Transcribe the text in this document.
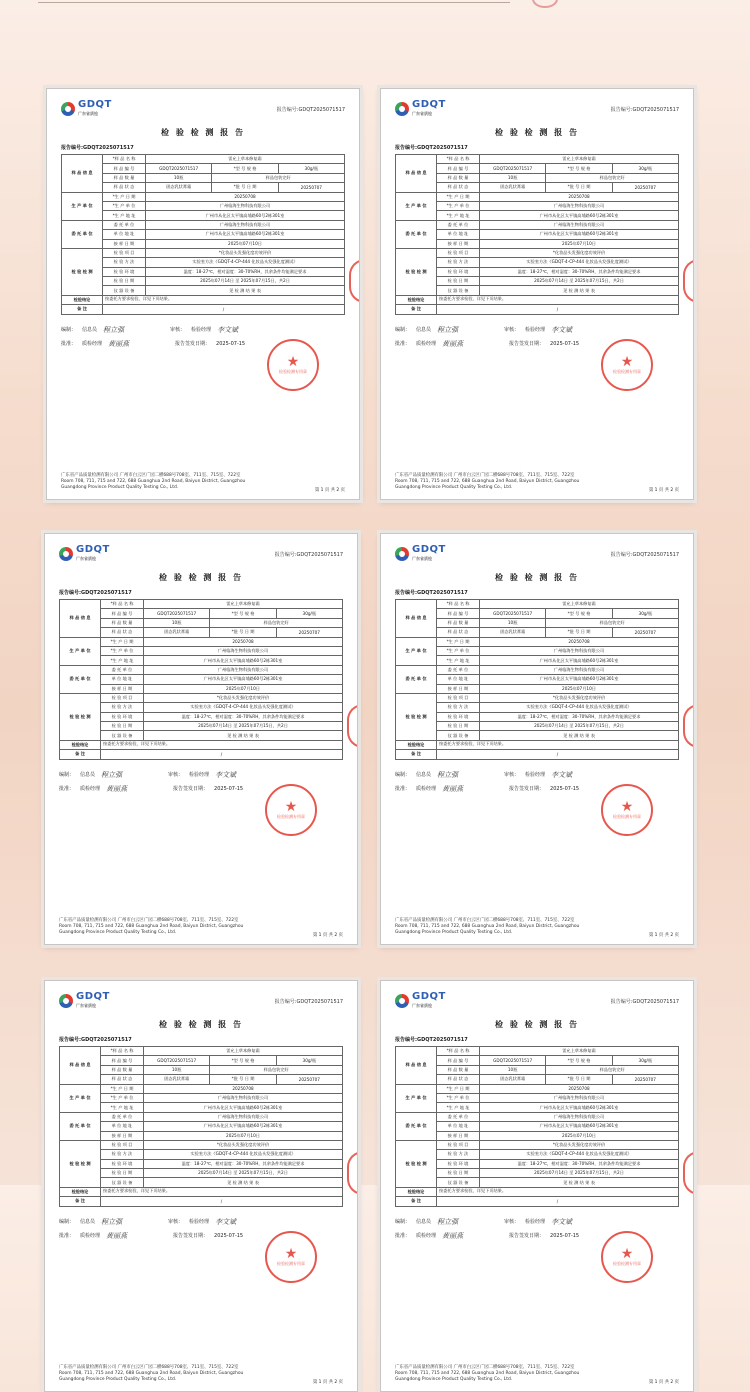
GDQT
广东省质检
报告编号:GDQT2025071517
检 验 检 测 报 告
报告编号:GDQT2025071517
样 品 信 息	*样 品 名 称	雷允上草本修复霜		
	样 品 编 号	GDQT2025071517	*型 号 规 格	30g/瓶
	样 品 数 量	10瓶	样品包装完好	
	样 品 状 态	固态乳状膏霜	*批 号 日 期	20250707
生 产 单 位	*生 产 日 期	20250708		
	*生 产 单 位	广州临海生物科技有限公司		
	*生 产 地 址	广州市从化区太平镇高埔路60号2栋301室		
委 托 单 位	委 托 单 位	广州临海生物科技有限公司		
	单 位 地 址	广州市从化区太平镇高埔路60号2栋301室		
	接 样 日 期	2025年07月10日		
检 验 检 测	检 验 项 目	*化妆品头发强化度功效评价		
	检 验 方 法	实验室方法《GDQT-4-CP-444 化妆品头发强化度测试》		
	检 验 环 境	温度：18-27℃，相对湿度：30-70%RH，其余条件均能满足要求		
	检 验 日 期	2025年07月14日 至 2025年07月15日，共2日		
	仪 器 设 备	见 检 测 结 果 表		
检验结论	按委托方要求检验，详见下页结果。			
备 注	/			
★
检验检测专用章
编制： 信息员 程立强	审核： 检验经理 李文斌
批准： 质检经理 黄丽燕	报告签发日期： 2025-07-15
广东省产品质量检测有限公司 广州市白云区广园二横688号708室、711室、715室、722室
Room 708, 711, 715 and 722, 688 Guanghua 2nd Road, Baiyun District, Guangzhou
Guangdong Province Product Quality Testing Co., Ltd.
第 1 页 共 2 页
GDQT
广东省质检
报告编号:GDQT2025071517
检 验 检 测 报 告
报告编号:GDQT2025071517
样 品 信 息	*样 品 名 称	雷允上草本修复霜		
	样 品 编 号	GDQT2025071517	*型 号 规 格	30g/瓶
	样 品 数 量	10瓶	样品包装完好	
	样 品 状 态	固态乳状膏霜	*批 号 日 期	20250707
生 产 单 位	*生 产 日 期	20250708		
	*生 产 单 位	广州临海生物科技有限公司		
	*生 产 地 址	广州市从化区太平镇高埔路60号2栋301室		
委 托 单 位	委 托 单 位	广州临海生物科技有限公司		
	单 位 地 址	广州市从化区太平镇高埔路60号2栋301室		
	接 样 日 期	2025年07月10日		
检 验 检 测	检 验 项 目	*化妆品头发强化度功效评价		
	检 验 方 法	实验室方法《GDQT-4-CP-444 化妆品头发强化度测试》		
	检 验 环 境	温度：18-27℃，相对湿度：30-70%RH，其余条件均能满足要求		
	检 验 日 期	2025年07月14日 至 2025年07月15日，共2日		
	仪 器 设 备	见 检 测 结 果 表		
检验结论	按委托方要求检验，详见下页结果。			
备 注	/			
★
检验检测专用章
编制： 信息员 程立强	审核： 检验经理 李文斌
批准： 质检经理 黄丽燕	报告签发日期： 2025-07-15
广东省产品质量检测有限公司 广州市白云区广园二横688号708室、711室、715室、722室
Room 708, 711, 715 and 722, 688 Guanghua 2nd Road, Baiyun District, Guangzhou
Guangdong Province Product Quality Testing Co., Ltd.
第 1 页 共 2 页
GDQT
广东省质检
报告编号:GDQT2025071517
检 验 检 测 报 告
报告编号:GDQT2025071517
样 品 信 息	*样 品 名 称	雷允上草本修复霜		
	样 品 编 号	GDQT2025071517	*型 号 规 格	30g/瓶
	样 品 数 量	10瓶	样品包装完好	
	样 品 状 态	固态乳状膏霜	*批 号 日 期	20250707
生 产 单 位	*生 产 日 期	20250708		
	*生 产 单 位	广州临海生物科技有限公司		
	*生 产 地 址	广州市从化区太平镇高埔路60号2栋301室		
委 托 单 位	委 托 单 位	广州临海生物科技有限公司		
	单 位 地 址	广州市从化区太平镇高埔路60号2栋301室		
	接 样 日 期	2025年07月10日		
检 验 检 测	检 验 项 目	*化妆品头发强化度功效评价		
	检 验 方 法	实验室方法《GDQT-4-CP-444 化妆品头发强化度测试》		
	检 验 环 境	温度：18-27℃，相对湿度：30-70%RH，其余条件均能满足要求		
	检 验 日 期	2025年07月14日 至 2025年07月15日，共2日		
	仪 器 设 备	见 检 测 结 果 表		
检验结论	按委托方要求检验，详见下页结果。			
备 注	/			
★
检验检测专用章
编制： 信息员 程立强	审核： 检验经理 李文斌
批准： 质检经理 黄丽燕	报告签发日期： 2025-07-15
广东省产品质量检测有限公司 广州市白云区广园二横688号708室、711室、715室、722室
Room 708, 711, 715 and 722, 688 Guanghua 2nd Road, Baiyun District, Guangzhou
Guangdong Province Product Quality Testing Co., Ltd.
第 1 页 共 2 页
GDQT
广东省质检
报告编号:GDQT2025071517
检 验 检 测 报 告
报告编号:GDQT2025071517
样 品 信 息	*样 品 名 称	雷允上草本修复霜		
	样 品 编 号	GDQT2025071517	*型 号 规 格	30g/瓶
	样 品 数 量	10瓶	样品包装完好	
	样 品 状 态	固态乳状膏霜	*批 号 日 期	20250707
生 产 单 位	*生 产 日 期	20250708		
	*生 产 单 位	广州临海生物科技有限公司		
	*生 产 地 址	广州市从化区太平镇高埔路60号2栋301室		
委 托 单 位	委 托 单 位	广州临海生物科技有限公司		
	单 位 地 址	广州市从化区太平镇高埔路60号2栋301室		
	接 样 日 期	2025年07月10日		
检 验 检 测	检 验 项 目	*化妆品头发强化度功效评价		
	检 验 方 法	实验室方法《GDQT-4-CP-444 化妆品头发强化度测试》		
	检 验 环 境	温度：18-27℃，相对湿度：30-70%RH，其余条件均能满足要求		
	检 验 日 期	2025年07月14日 至 2025年07月15日，共2日		
	仪 器 设 备	见 检 测 结 果 表		
检验结论	按委托方要求检验，详见下页结果。			
备 注	/			
★
检验检测专用章
编制： 信息员 程立强	审核： 检验经理 李文斌
批准： 质检经理 黄丽燕	报告签发日期： 2025-07-15
广东省产品质量检测有限公司 广州市白云区广园二横688号708室、711室、715室、722室
Room 708, 711, 715 and 722, 688 Guanghua 2nd Road, Baiyun District, Guangzhou
Guangdong Province Product Quality Testing Co., Ltd.
第 1 页 共 2 页
GDQT
广东省质检
报告编号:GDQT2025071517
检 验 检 测 报 告
报告编号:GDQT2025071517
样 品 信 息	*样 品 名 称	雷允上草本修复霜		
	样 品 编 号	GDQT2025071517	*型 号 规 格	30g/瓶
	样 品 数 量	10瓶	样品包装完好	
	样 品 状 态	固态乳状膏霜	*批 号 日 期	20250707
生 产 单 位	*生 产 日 期	20250708		
	*生 产 单 位	广州临海生物科技有限公司		
	*生 产 地 址	广州市从化区太平镇高埔路60号2栋301室		
委 托 单 位	委 托 单 位	广州临海生物科技有限公司		
	单 位 地 址	广州市从化区太平镇高埔路60号2栋301室		
	接 样 日 期	2025年07月10日		
检 验 检 测	检 验 项 目	*化妆品头发强化度功效评价		
	检 验 方 法	实验室方法《GDQT-4-CP-444 化妆品头发强化度测试》		
	检 验 环 境	温度：18-27℃，相对湿度：30-70%RH，其余条件均能满足要求		
	检 验 日 期	2025年07月14日 至 2025年07月15日，共2日		
	仪 器 设 备	见 检 测 结 果 表		
检验结论	按委托方要求检验，详见下页结果。			
备 注	/			
★
检验检测专用章
编制： 信息员 程立强	审核： 检验经理 李文斌
批准： 质检经理 黄丽燕	报告签发日期： 2025-07-15
广东省产品质量检测有限公司 广州市白云区广园二横688号708室、711室、715室、722室
Room 708, 711, 715 and 722, 688 Guanghua 2nd Road, Baiyun District, Guangzhou
Guangdong Province Product Quality Testing Co., Ltd.
第 1 页 共 2 页
GDQT
广东省质检
报告编号:GDQT2025071517
检 验 检 测 报 告
报告编号:GDQT2025071517
样 品 信 息	*样 品 名 称	雷允上草本修复霜		
	样 品 编 号	GDQT2025071517	*型 号 规 格	30g/瓶
	样 品 数 量	10瓶	样品包装完好	
	样 品 状 态	固态乳状膏霜	*批 号 日 期	20250707
生 产 单 位	*生 产 日 期	20250708		
	*生 产 单 位	广州临海生物科技有限公司		
	*生 产 地 址	广州市从化区太平镇高埔路60号2栋301室		
委 托 单 位	委 托 单 位	广州临海生物科技有限公司		
	单 位 地 址	广州市从化区太平镇高埔路60号2栋301室		
	接 样 日 期	2025年07月10日		
检 验 检 测	检 验 项 目	*化妆品头发强化度功效评价		
	检 验 方 法	实验室方法《GDQT-4-CP-444 化妆品头发强化度测试》		
	检 验 环 境	温度：18-27℃，相对湿度：30-70%RH，其余条件均能满足要求		
	检 验 日 期	2025年07月14日 至 2025年07月15日，共2日		
	仪 器 设 备	见 检 测 结 果 表		
检验结论	按委托方要求检验，详见下页结果。			
备 注	/			
★
检验检测专用章
编制： 信息员 程立强	审核： 检验经理 李文斌
批准： 质检经理 黄丽燕	报告签发日期： 2025-07-15
广东省产品质量检测有限公司 广州市白云区广园二横688号708室、711室、715室、722室
Room 708, 711, 715 and 722, 688 Guanghua 2nd Road, Baiyun District, Guangzhou
Guangdong Province Product Quality Testing Co., Ltd.
第 1 页 共 2 页
